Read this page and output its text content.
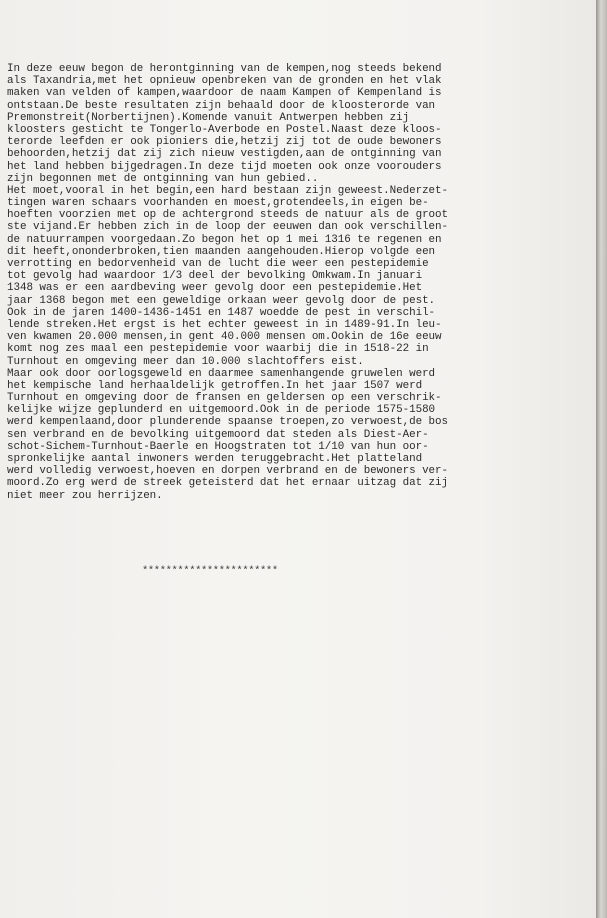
In deze eeuw begon de herontginning van de kempen,nog steeds bekend
als Taxandria,met het opnieuw openbreken van de gronden en het vlak
maken van velden of kampen,waardoor de naam Kampen of Kempenland is
ontstaan.De beste resultaten zijn behaald door de kloosterorde van
Premonstreit(Norbertijnen).Komende vanuit Antwerpen hebben zij
kloosters gesticht te Tongerlo-Averbode en Postel.Naast deze kloos-
terorde leefden er ook pioniers die,hetzij zij tot de oude bewoners
behoorden,hetzij dat zij zich nieuw vestigden,aan de ontginning van
het land hebben bijgedragen.In deze tijd moeten ook onze voorouders
zijn begonnen met de ontginning van hun gebied..
Het moet,vooral in het begin,een hard bestaan zijn geweest.Nederzet-
tingen waren schaars voorhanden en moest,grotendeels,in eigen be-
hoeften voorzien met op de achtergrond steeds de natuur als de groot
ste vijand.Er hebben zich in de loop der eeuwen dan ook verschillen-
de natuurrampen voorgedaan.Zo begon het op 1 mei 1316 te regenen en
dit heeft,ononderbroken,tien maanden aangehouden.Hierop volgde een
verrotting en bedorvenheid van de lucht die weer een pestepidemie
tot gevolg had waardoor 1/3 deel der bevolking Omkwam.In januari
1348 was er een aardbeving weer gevolg door een pestepidemie.Het
jaar 1368 begon met een geweldige orkaan weer gevolg door de pest.
Ook in de jaren 1400-1436-1451 en 1487 woedde de pest in verschil-
lende streken.Het ergst is het echter geweest in in 1489-91.In leu-
ven kwamen 20.000 mensen,in gent 40.000 mensen om.Ookin de 16e eeuw
komt nog zes maal een pestepidemie voor waarbij die in 1518-22 in
Turnhout en omgeving meer dan 10.000 slachtoffers eist.
Maar ook door oorlogsgeweld en daarmee samenhangende gruwelen werd
het kempische land herhaaldelijk getroffen.In het jaar 1507 werd
Turnhout en omgeving door de fransen en geldersen op een verschrik-
kelijke wijze geplunderd en uitgemoord.Ook in de periode 1575-1580
werd kempenlaand,door plunderende spaanse troepen,zo verwoest,de bos
sen verbrand en de bevolking uitgemoord dat steden als Diest-Aer-
schot-Sichem-Turnhout-Baerle en Hoogstraten tot 1/10 van hun oor-
spronkelijke aantal inwoners werden teruggebracht.Het platteland
werd volledig verwoest,hoeven en dorpen verbrand en de bewoners ver-
moord.Zo erg werd de streek geteisterd dat het ernaar uitzag dat zij
niet meer zou herrijzen.
***********************
